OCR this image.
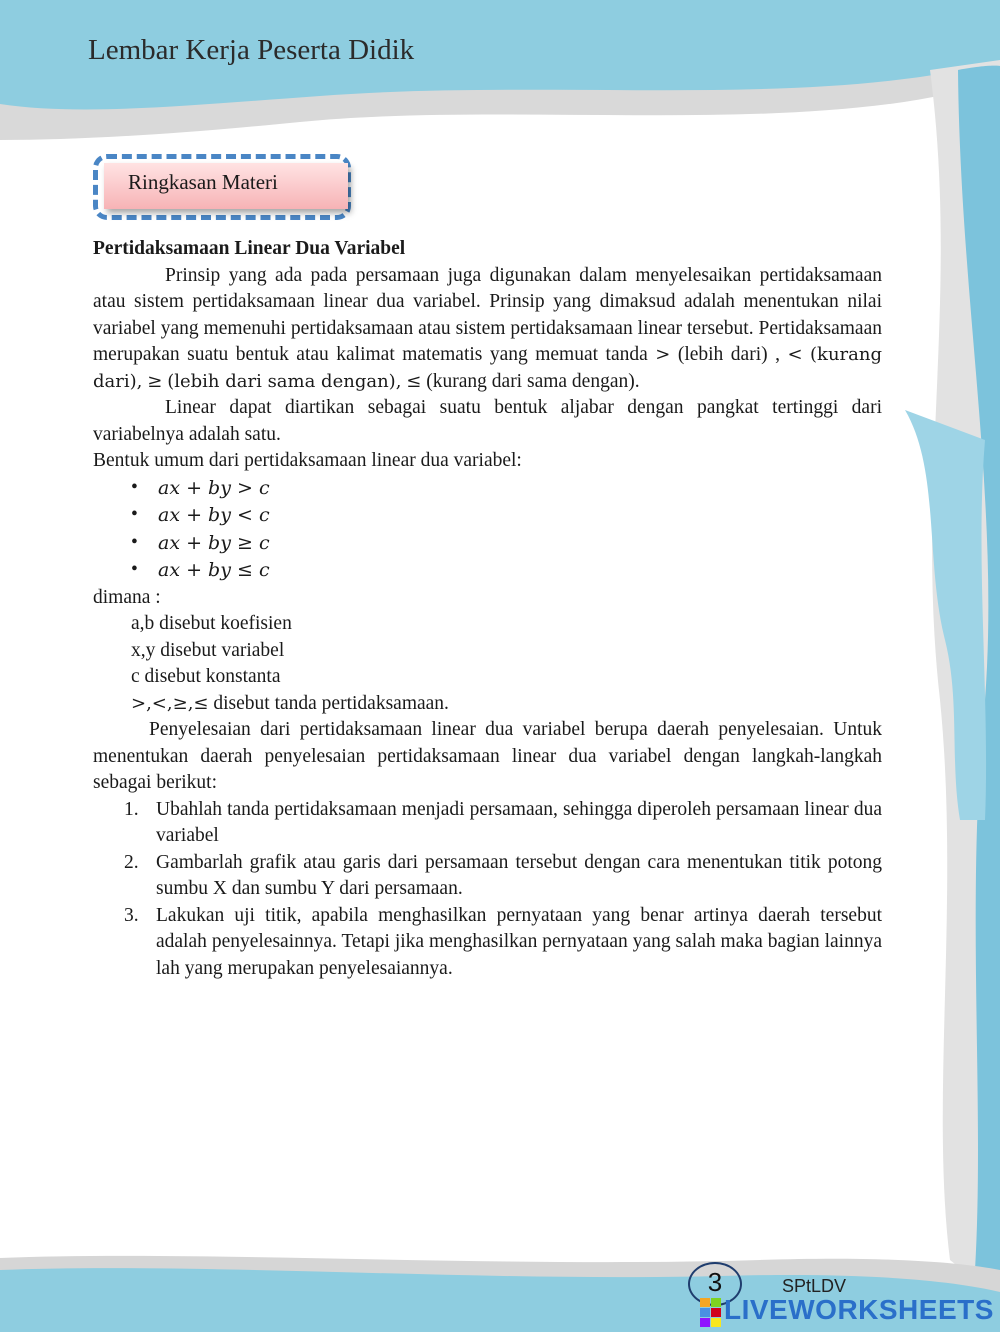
Lembar Kerja Peserta Didik
Ringkasan Materi

Pertidaksamaan Linear Dua Variabel

Prinsip yang ada pada persamaan juga digunakan dalam menyelesaikan pertidaksamaan atau sistem pertidaksamaan linear dua variabel. Prinsip yang dimaksud adalah menentukan nilai variabel yang memenuhi pertidaksamaan atau sistem pertidaksamaan linear tersebut. Pertidaksamaan merupakan suatu bentuk atau kalimat matematis yang memuat tanda > (lebih dari) , < (kurang dari), ≥ (lebih dari sama dengan), ≤ (kurang dari sama dengan).

Linear dapat diartikan sebagai suatu bentuk aljabar dengan pangkat tertinggi dari variabelnya adalah satu.

Bentuk umum dari pertidaksamaan linear dua variabel:

• ax + by > c
• ax + by < c
• ax + by ≥ c
• ax + by ≤ c

dimana :

a,b disebut koefisien

x,y disebut variabel

c disebut konstanta

>,<,≥,≤ disebut tanda pertidaksamaan.

Penyelesaian dari pertidaksamaan linear dua variabel berupa daerah penyelesaian. Untuk menentukan daerah penyelesaian pertidaksamaan linear dua variabel dengan langkah-langkah sebagai berikut:

1. Ubahlah tanda pertidaksamaan menjadi persamaan, sehingga diperoleh persamaan linear dua variabel
2. Gambarlah grafik atau garis dari persamaan tersebut dengan cara menentukan titik potong sumbu X dan sumbu Y dari persamaan.
3. Lakukan uji titik, apabila menghasilkan pernyataan yang benar artinya daerah tersebut adalah penyelesainnya. Tetapi jika menghasilkan pernyataan yang salah maka bagian lainnya lah yang merupakan penyelesaiannya.
3	SPtLDV
LIVEWORKSHEETS
